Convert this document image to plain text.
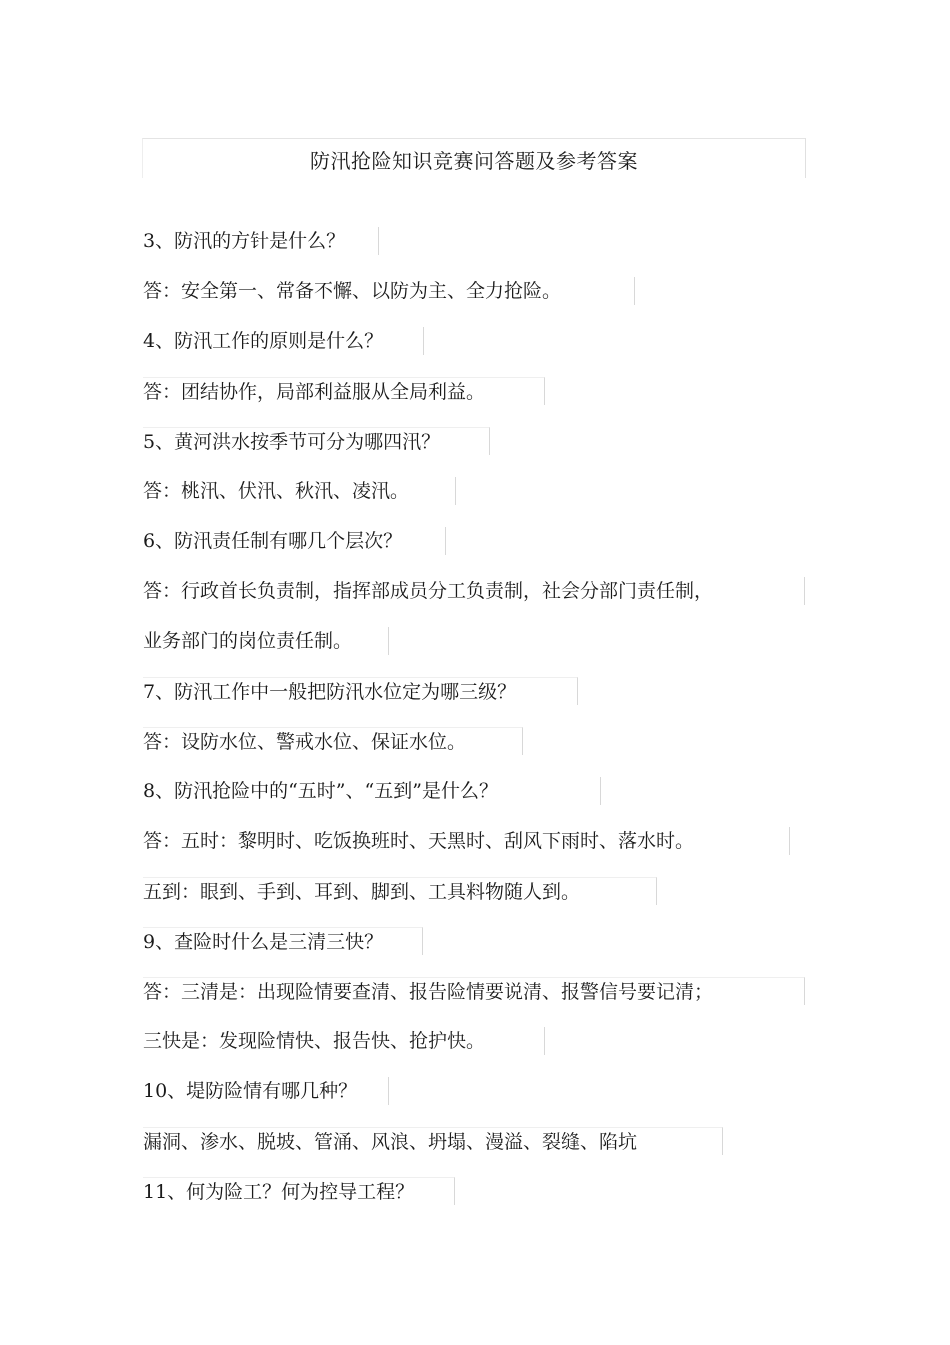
防汛抢险知识竞赛问答题及参考答案
3、防汛的方针是什么？
答：安全第一、常备不懈、以防为主、全力抢险。
4、防汛工作的原则是什么？
答：团结协作，局部利益服从全局利益。
5、黄河洪水按季节可分为哪四汛？
答：桃汛、伏汛、秋汛、凌汛。
6、防汛责任制有哪几个层次？
答：行政首长负责制，指挥部成员分工负责制，社会分部门责任制，
业务部门的岗位责任制。
7、防汛工作中一般把防汛水位定为哪三级？
答：设防水位、警戒水位、保证水位。
8、防汛抢险中的“五时”、“五到”是什么？
答：五时：黎明时、吃饭换班时、天黑时、刮风下雨时、落水时。
五到：眼到、手到、耳到、脚到、工具料物随人到。
9、查险时什么是三清三快？
答：三清是：出现险情要查清、报告险情要说清、报警信号要记清；
三快是：发现险情快、报告快、抢护快。
10、堤防险情有哪几种？
漏洞、渗水、脱坡、管涌、风浪、坍塌、漫溢、裂缝、陷坑
11、何为险工？何为控导工程？
